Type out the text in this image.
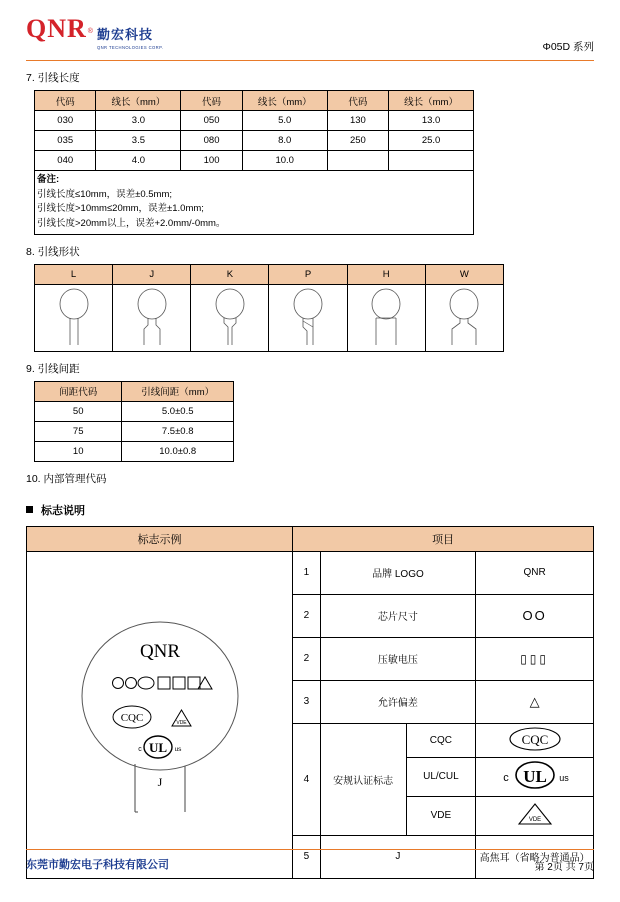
QNR® 勤宏科技
QNR TECHNOLOGIES CORP.	Φ05D 系列
7. 引线长度
代码	线长（mm）	代码	线长（mm）	代码	线长（mm）
030	3.0	050	5.0	130	13.0
035	3.5	080	8.0	250	25.0
040	4.0	100	10.0		

备注:
引线长度≤10mm，误差±0.5mm;
引线长度>10mm≤20mm，误差±1.0mm;
引线长度>20mm以上，误差+2.0mm/-0mm。					
8. 引线形状
L	J	K	P	H	W

9. 引线间距
间距代码	引线间距（mm）
50	5.0±0.5
75	7.5±0.8
10	10.0±0.8
10. 内部管理代码
标志说明
标志示例	项目			

QNR
CQC	VDE
c UL us
J
	1	品牌 LOGO	QNR
	2	芯片尺寸		ОО
	2	压敏电压		▯▯▯
	3	允许偏差		△
	4	安规认证标志	CQC	CQC

			UL/CUL	c UL us

			VDE	VDE

	5	J		高焦耳（省略为普通品）
东莞市勤宏电子科技有限公司	第 2页 共 7页
